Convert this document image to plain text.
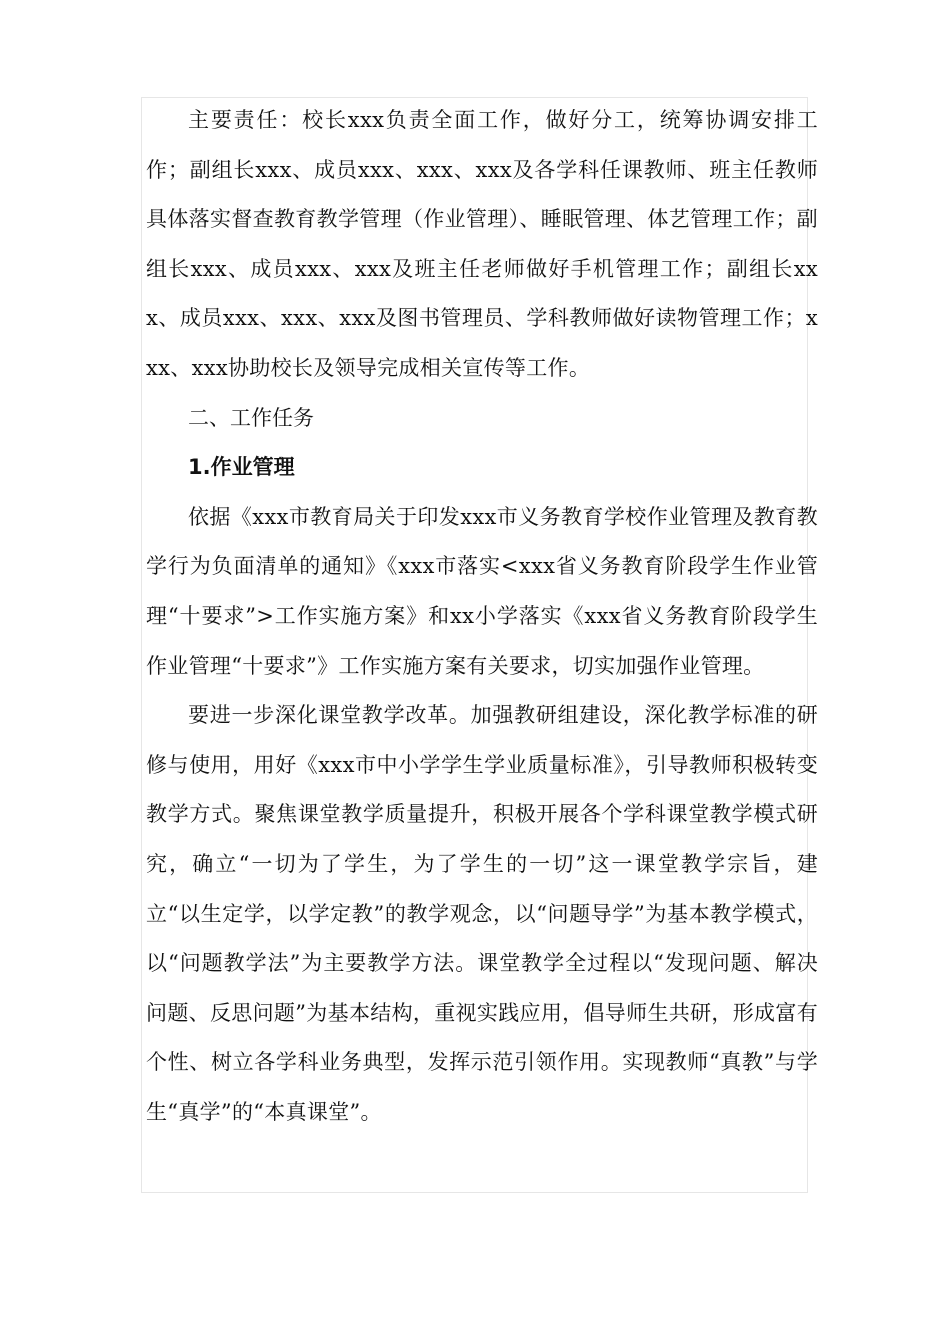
主要责任：校长xxx负责全面工作，做好分工，统筹协调安排工作；副组长xxx、成员xxx、xxx、xxx及各学科任课教师、班主任教师具体落实督查教育教学管理（作业管理）、睡眠管理、体艺管理工作；副组长xxx、成员xxx、xxx及班主任老师做好手机管理工作；副组长xxx、成员xxx、xxx、xxx及图书管理员、学科教师做好读物管理工作；xxx、xxx协助校长及领导完成相关宣传等工作。

二、工作任务

1.作业管理

依据《xxx市教育局关于印发xxx市义务教育学校作业管理及教育教学行为负面清单的通知》《xxx市落实<xxx省义务教育阶段学生作业管理“十要求”>工作实施方案》和xx小学落实《xxx省义务教育阶段学生作业管理“十要求”》工作实施方案有关要求，切实加强作业管理。

要进一步深化课堂教学改革。加强教研组建设，深化教学标准的研修与使用，用好《xxx市中小学学生学业质量标准》，引导教师积极转变教学方式。聚焦课堂教学质量提升，积极开展各个学科课堂教学模式研究，确立“一切为了学生，为了学生的一切”这一课堂教学宗旨，建立“以生定学，以学定教”的教学观念，以“问题导学”为基本教学模式，以“问题教学法”为主要教学方法。课堂教学全过程以“发现问题、解决问题、反思问题”为基本结构，重视实践应用，倡导师生共研，形成富有个性、树立各学科业务典型，发挥示范引领作用。实现教师“真教”与学生“真学”的“本真课堂”。
